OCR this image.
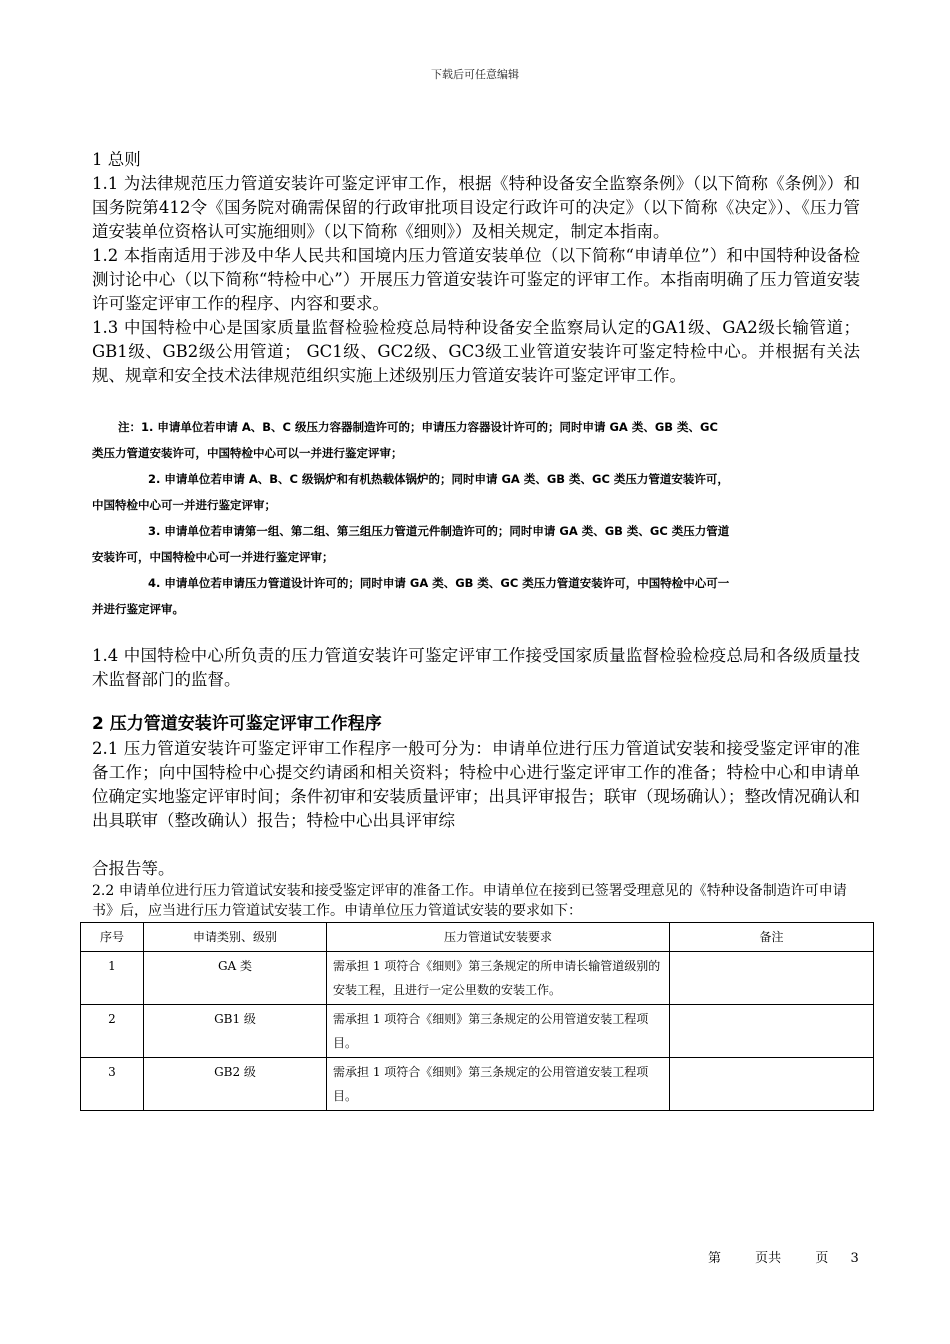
下载后可任意编辑

1 总则

1.1 为法律规范压力管道安装许可鉴定评审工作，根据《特种设备安全监察条例》（以下简称《条例》）和国务院第412令《国务院对确需保留的行政审批项目设定行政许可的决定》（以下简称《决定》）、《压力管道安装单位资格认可实施细则》（以下简称《细则》）及相关规定，制定本指南。

1.2 本指南适用于涉及中华人民共和国境内压力管道安装单位（以下简称“申请单位”）和中国特种设备检测讨论中心（以下简称“特检中心”）开展压力管道安装许可鉴定的评审工作。本指南明确了压力管道安装许可鉴定评审工作的程序、内容和要求。

1.3 中国特检中心是国家质量监督检验检疫总局特种设备安全监察局认定的GA1级、GA2级长输管道； GB1级、GB2级公用管道； GC1级、GC2级、GC3级工业管道安装许可鉴定特检中心。并根据有关法规、规章和安全技术法律规范组织实施上述级别压力管道安装许可鉴定评审工作。

注：1. 申请单位若申请 A、B、C 级压力容器制造许可的；申请压力容器设计许可的；同时申请 GA 类、GB 类、GC

类压力管道安装许可，中国特检中心可以一并进行鉴定评审；

2. 申请单位若申请 A、B、C 级锅炉和有机热载体锅炉的；同时申请 GA 类、GB 类、GC 类压力管道安装许可，

中国特检中心可一并进行鉴定评审；

3. 申请单位若申请第一组、第二组、第三组压力管道元件制造许可的；同时申请 GA 类、GB 类、GC 类压力管道

安装许可，中国特检中心可一并进行鉴定评审；

4. 申请单位若申请压力管道设计许可的；同时申请 GA 类、GB 类、GC 类压力管道安装许可，中国特检中心可一

并进行鉴定评审。

1.4 中国特检中心所负责的压力管道安装许可鉴定评审工作接受国家质量监督检验检疫总局和各级质量技术监督部门的监督。

2 压力管道安装许可鉴定评审工作程序

2.1 压力管道安装许可鉴定评审工作程序一般可分为：申请单位进行压力管道试安装和接受鉴定评审的准备工作；向中国特检中心提交约请函和相关资料；特检中心进行鉴定评审工作的准备；特检中心和申请单位确定实地鉴定评审时间；条件初审和安装质量评审；出具评审报告；联审（现场确认）；整改情况确认和出具联审（整改确认）报告；特检中心出具评审综

合报告等。

2.2 申请单位进行压力管道试安装和接受鉴定评审的准备工作。申请单位在接到已签署受理意见的《特种设备制造许可申请书》后，应当进行压力管道试安装工作。申请单位压力管道试安装的要求如下：

序号	申请类别、级别	压力管道试安装要求	备注
1	GA 类	需承担 1 项符合《细则》第三条规定的所申请长输管道级别的安装工程，且进行一定公里数的安装工作。	
2	GB1 级	需承担 1 项符合《细则》第三条规定的公用管道安装工程项目。	
3	GB2 级	需承担 1 项符合《细则》第三条规定的公用管道安装工程项目。	
第	页共	页 3
